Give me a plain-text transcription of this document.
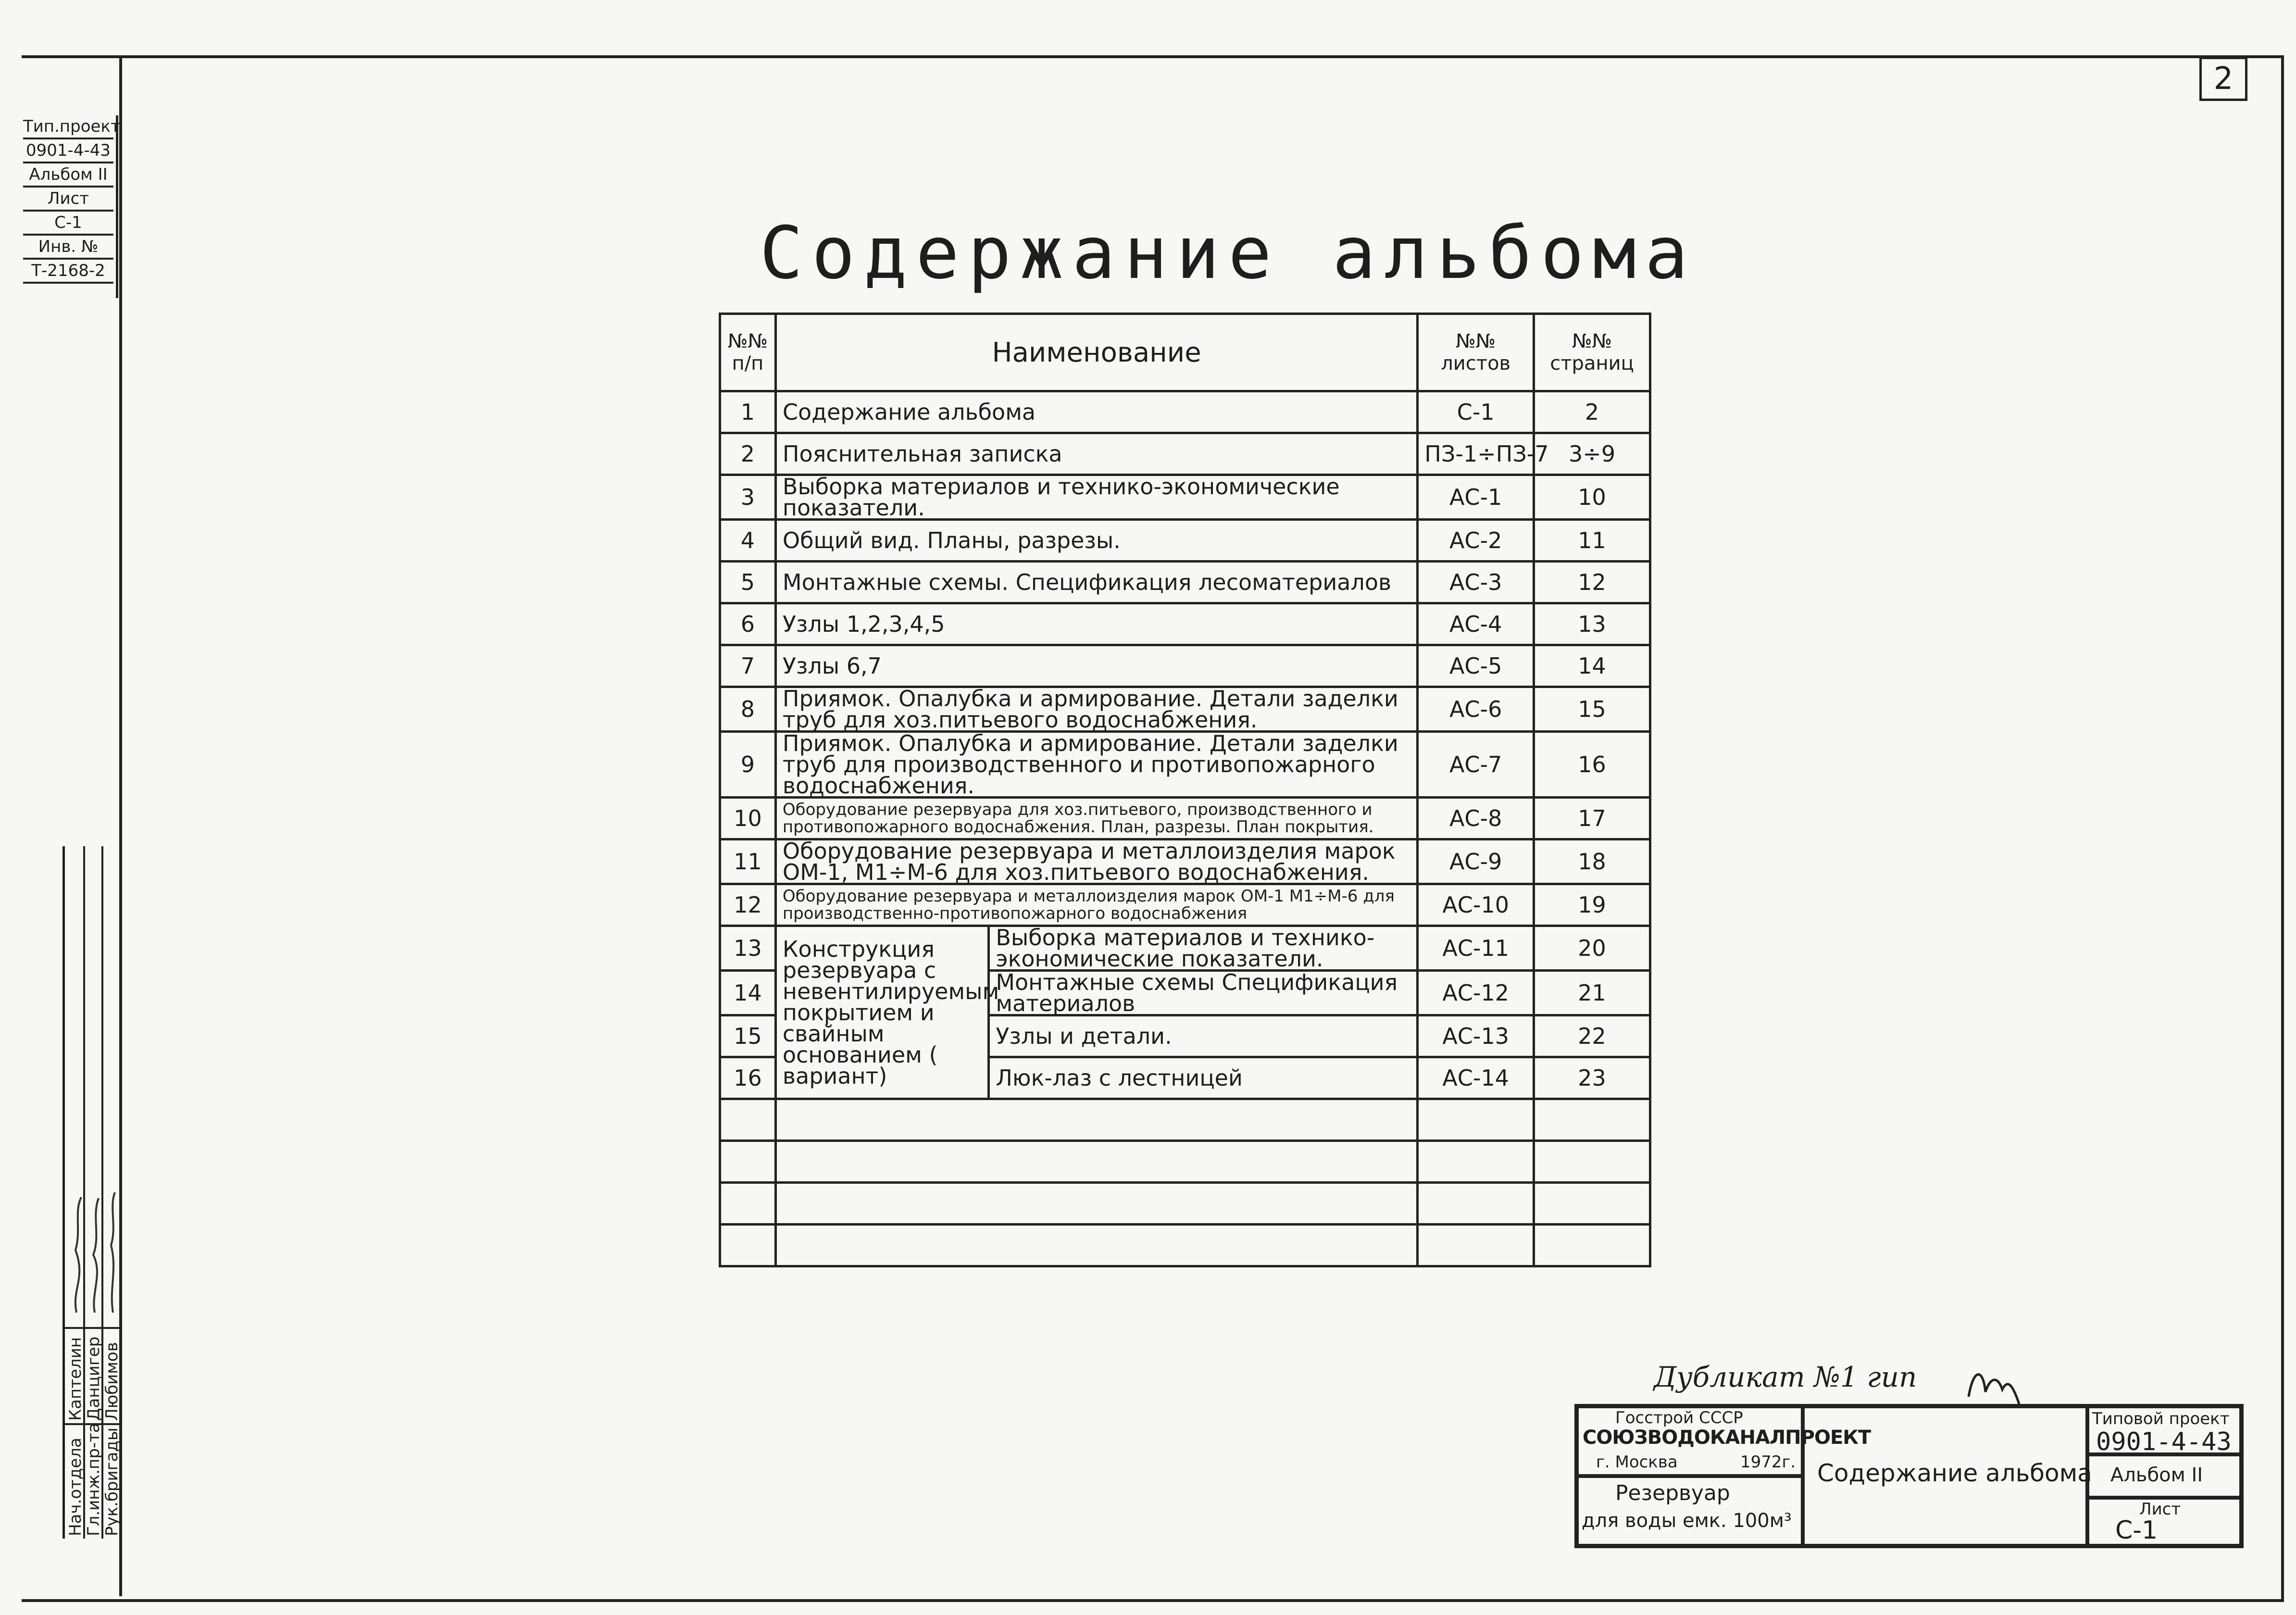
2
Тип.проект
0901-4-43
Альбом II
Лист
С-1
Инв. №
Т-2168-2
Нач.отдела
Гл.инж.пр-та
Рук.бригады
Каптелин
Данцигер
Любимов
Содержание альбома
№№ п/п	Наименование		№№ листов	№№ страниц
1	Содержание альбома		С-1	2
2	Пояснительная записка		ПЗ-1÷ПЗ-7	3÷9
3	Выборка материалов и технико-экономические показатели.		АС-1	10
4	Общий вид. Планы, разрезы.		АС-2	11
5	Монтажные схемы. Спецификация лесоматериалов		АС-3	12
6	Узлы 1,2,3,4,5		АС-4	13
7	Узлы 6,7		АС-5	14
8	Приямок. Опалубка и армирование. Детали заделки труб для хоз.питьевого водоснабжения.		АС-6	15
9	Приямок. Опалубка и армирование. Детали заделки труб для производственного и противопожарного водоснабжения.		АС-7	16
10	Оборудование резервуара для хоз.питьевого, производственного и противопожарного водоснабжения. План, разрезы. План покрытия.		АС-8	17
11	Оборудование резервуара и металлоизделия марок ОМ-1, М1÷М-6 для хоз.питьевого водоснабжения.		АС-9	18
12	Оборудование резервуара и металлоизделия марок ОМ-1 М1÷М-6 для производственно-противопожарного водоснабжения		АС-10	19
13	Конструкция резервуара с невентилируемым покрытием и свайным основанием ( вариант)	Выборка материалов и технико-экономические показатели.	АС-11	20
14		Монтажные схемы Спецификация материалов	АС-12	21
15		Узлы и детали.	АС-13	22
16		Люк-лаз с лестницей	АС-14	23

Дубликат №1 гип
Госстрой СССР
СОЮЗВОДОКАНАЛПРОЕКТ
г. Москва	1972г.
Резервуар
для воды емк. 100м³
Содержание альбома
Типовой проект
0901-4-43
Альбом II
Лист
С-1
